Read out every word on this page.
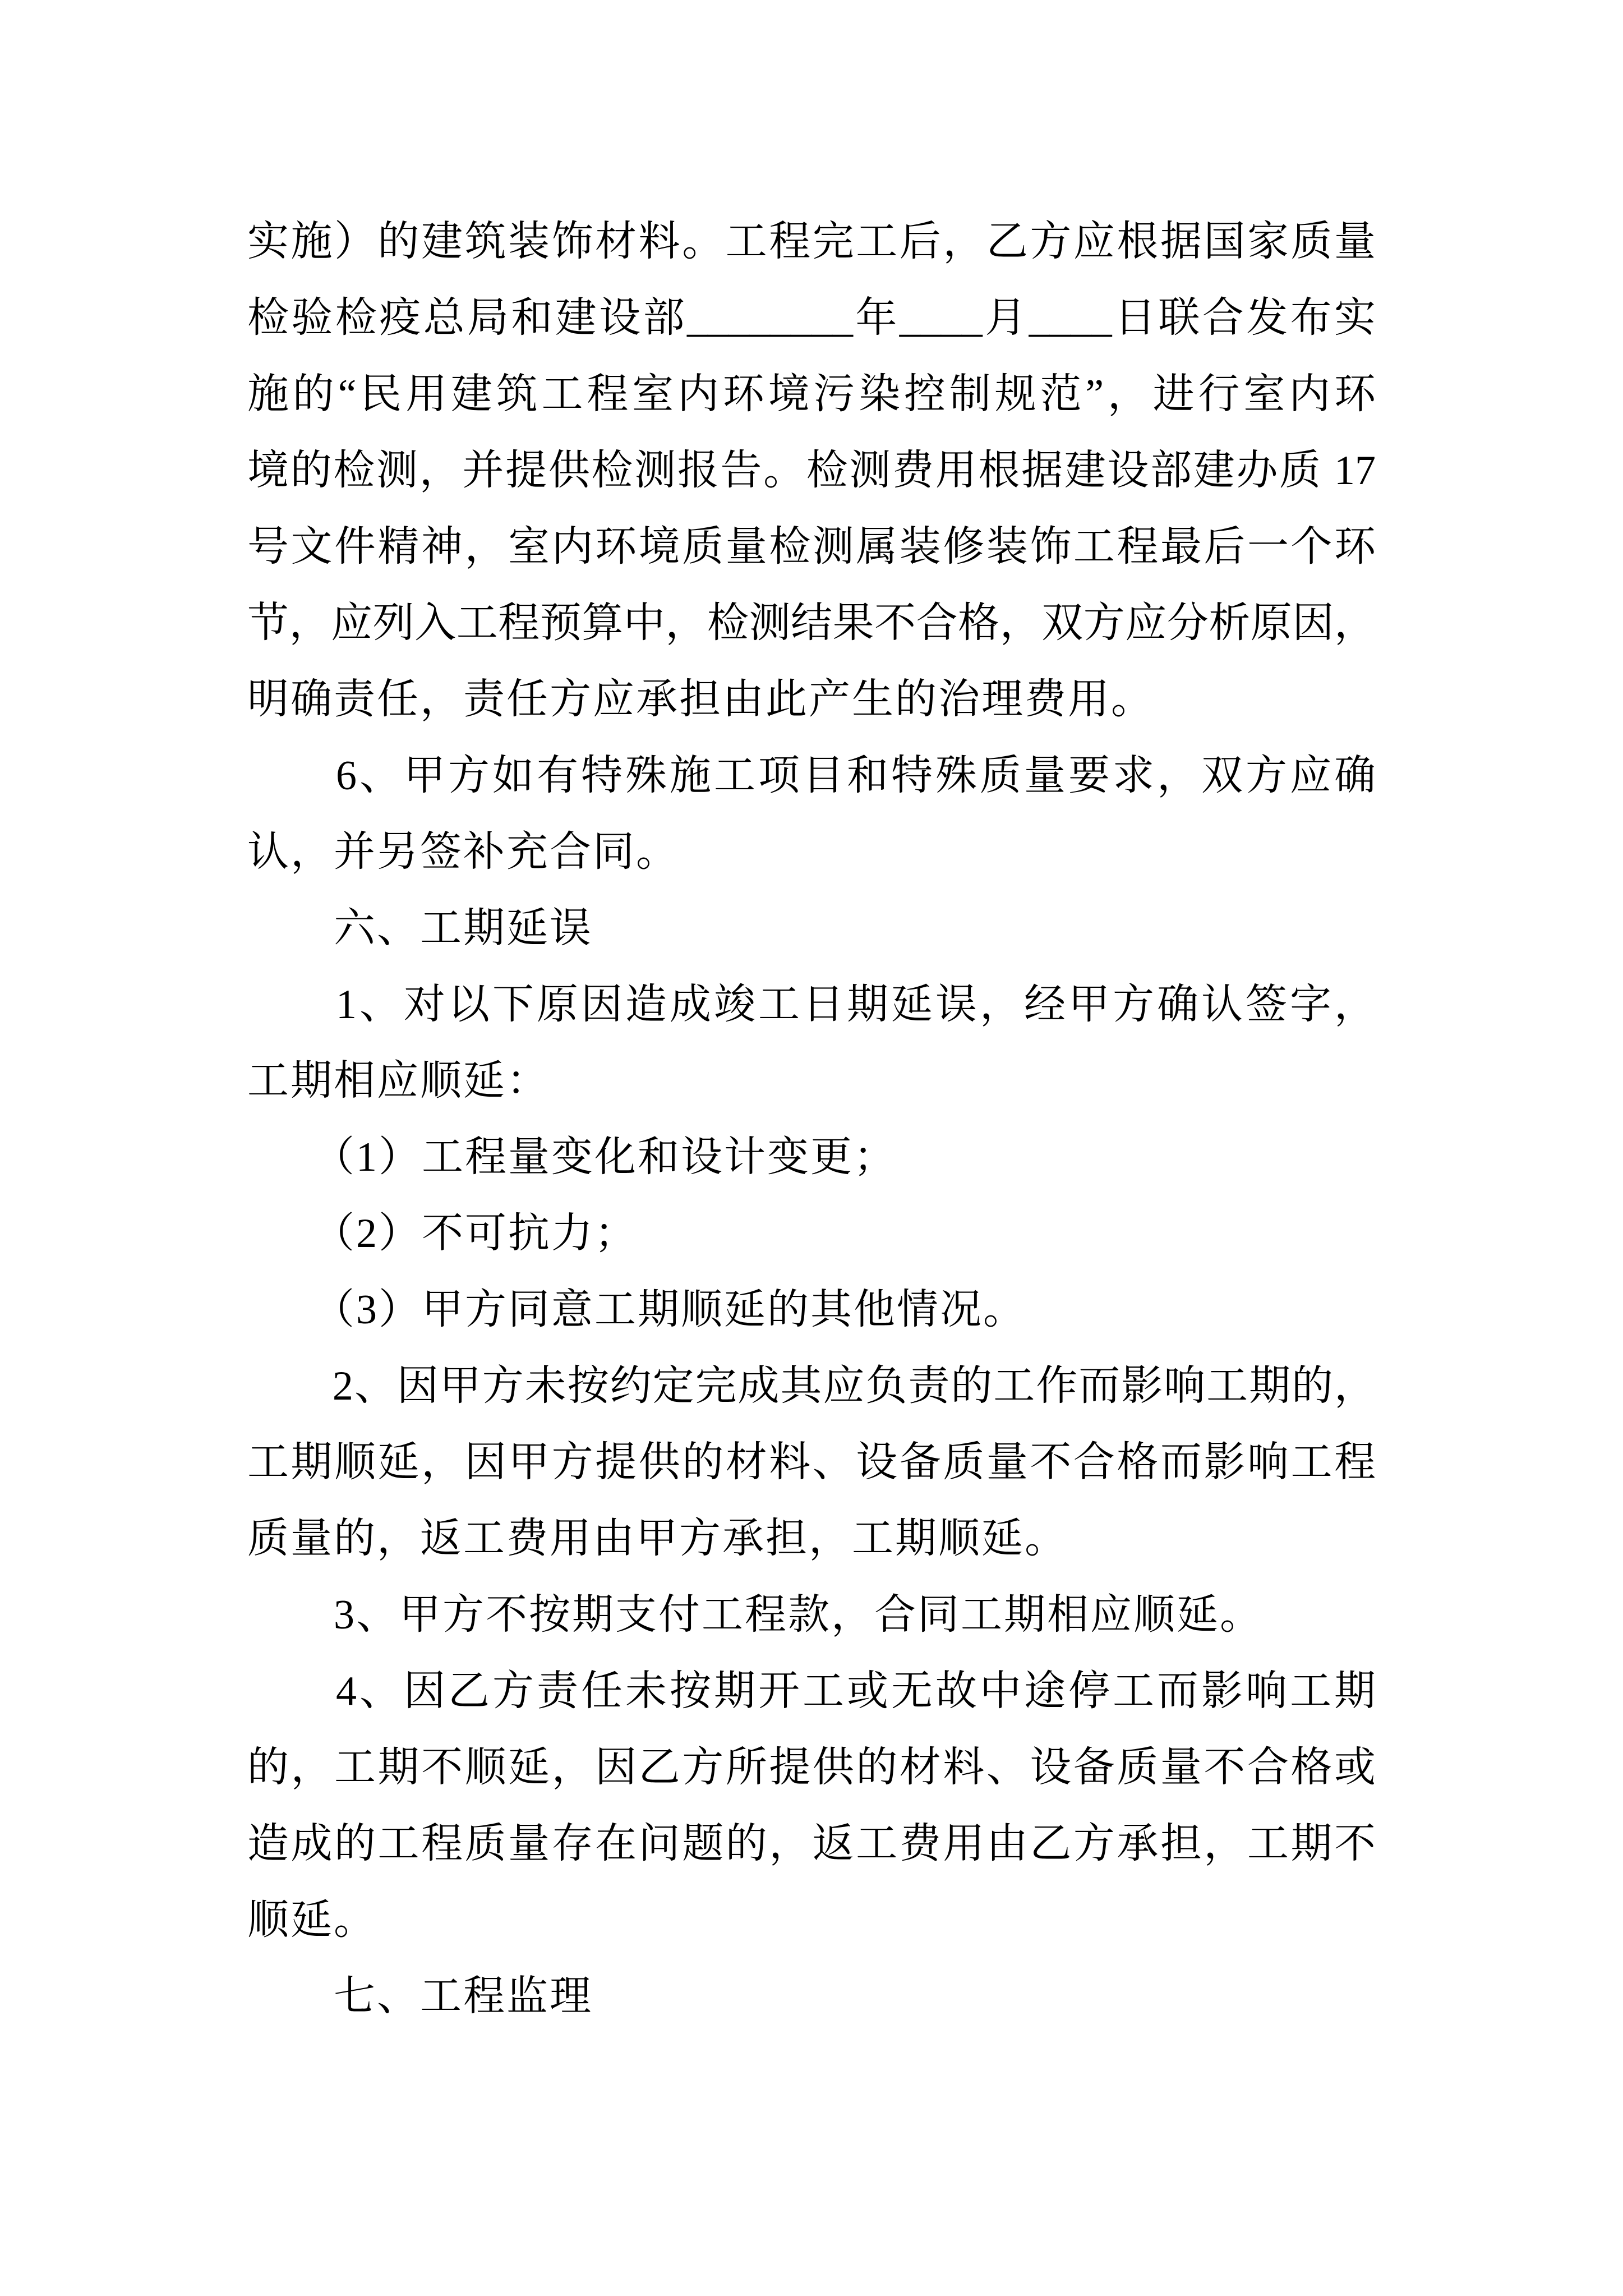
实施）的建筑装饰材料。工程完工后，乙方应根据国家质量
检验检疫总局和建设部________年____月____日联合发布实
施的“民用建筑工程室内环境污染控制规范”，进行室内环
境的检测，并提供检测报告。检测费用根据建设部建办质 17
号文件精神，室内环境质量检测属装修装饰工程最后一个环
节，应列入工程预算中，检测结果不合格，双方应分析原因，
明确责任，责任方应承担由此产生的治理费用。
　　6、甲方如有特殊施工项目和特殊质量要求，双方应确
认，并另签补充合同。
　　六、工期延误
　　1、对以下原因造成竣工日期延误，经甲方确认签字，
工期相应顺延：
　　（1）工程量变化和设计变更；
　　（2）不可抗力；
　　（3）甲方同意工期顺延的其他情况。
　　2、因甲方未按约定完成其应负责的工作而影响工期的，
工期顺延，因甲方提供的材料、设备质量不合格而影响工程
质量的，返工费用由甲方承担，工期顺延。
　　3、甲方不按期支付工程款，合同工期相应顺延。
　　4、因乙方责任未按期开工或无故中途停工而影响工期
的，工期不顺延，因乙方所提供的材料、设备质量不合格或
造成的工程质量存在问题的，返工费用由乙方承担，工期不
顺延。
　　七、工程监理
